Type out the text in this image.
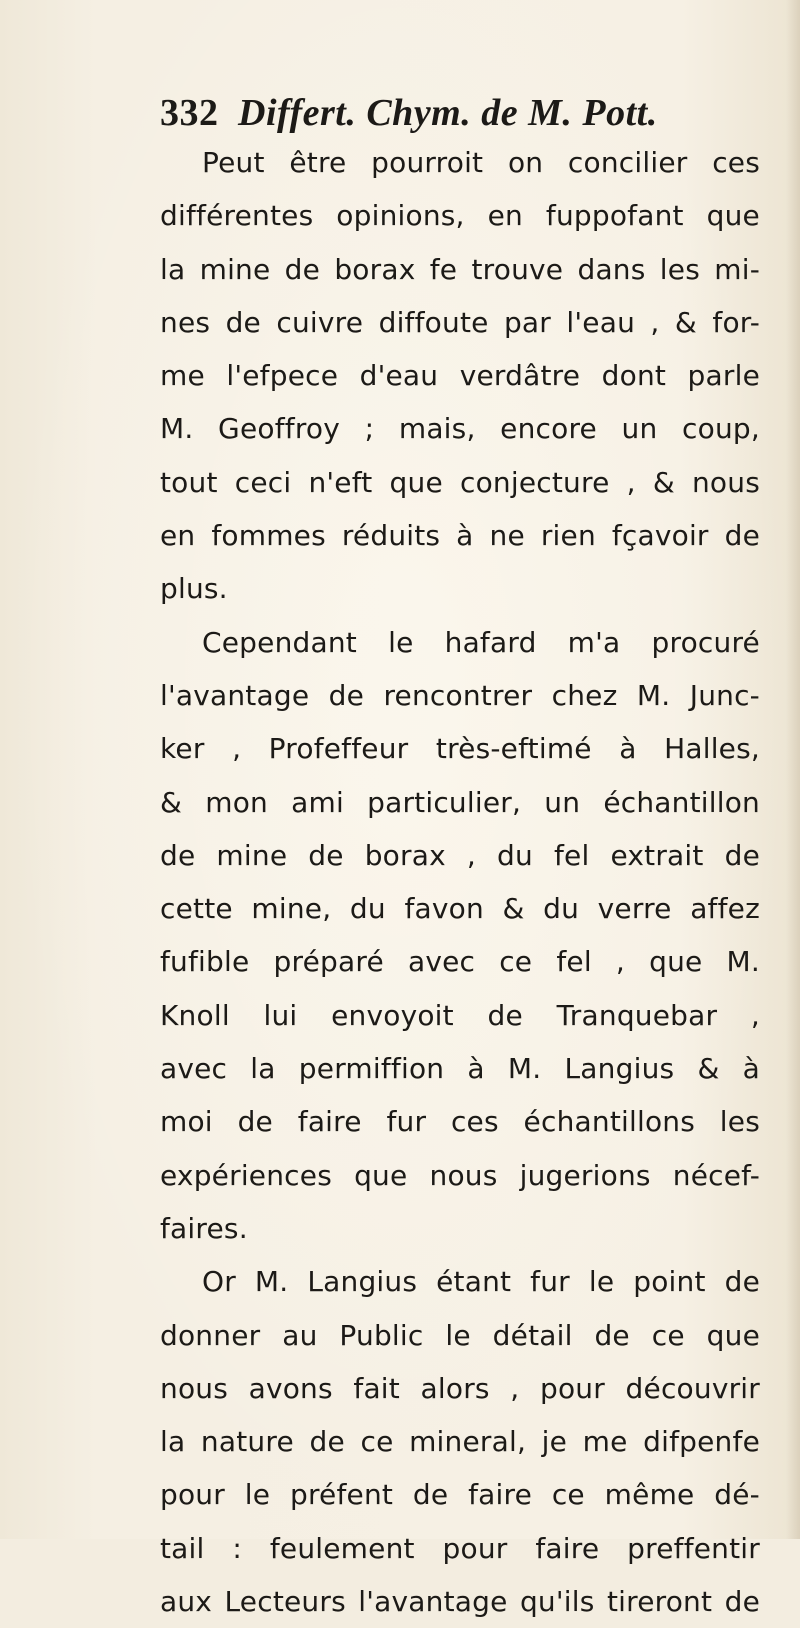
332 Differt. Chym. de M. Pott.
Peut être pourroit on concilier ces
différentes opinions, en fuppofant que
la mine de borax fe trouve dans les mi-
nes de cuivre diffoute par l'eau , & for-
me l'efpece d'eau verdâtre dont parle
M. Geoffroy ; mais, encore un coup,
tout ceci n'eft que conjecture , & nous
en fommes réduits à ne rien fçavoir de
plus.
Cependant le hafard m'a procuré
l'avantage de rencontrer chez M. Junc-
ker , Profeffeur très-eftimé à Halles,
& mon ami particulier, un échantillon
de mine de borax , du fel extrait de
cette mine, du favon & du verre affez
fufible préparé avec ce fel , que M.
Knoll lui envoyoit de Tranquebar ,
avec la permiffion à M. Langius & à
moi de faire fur ces échantillons les
expériences que nous jugerions nécef-
faires.
Or M. Langius étant fur le point de
donner au Public le détail de ce que
nous avons fait alors , pour découvrir
la nature de ce mineral, je me difpenfe
pour le préfent de faire ce même dé-
tail : feulement pour faire preffentir
aux Lecteurs l'avantage qu'ils tireront de
